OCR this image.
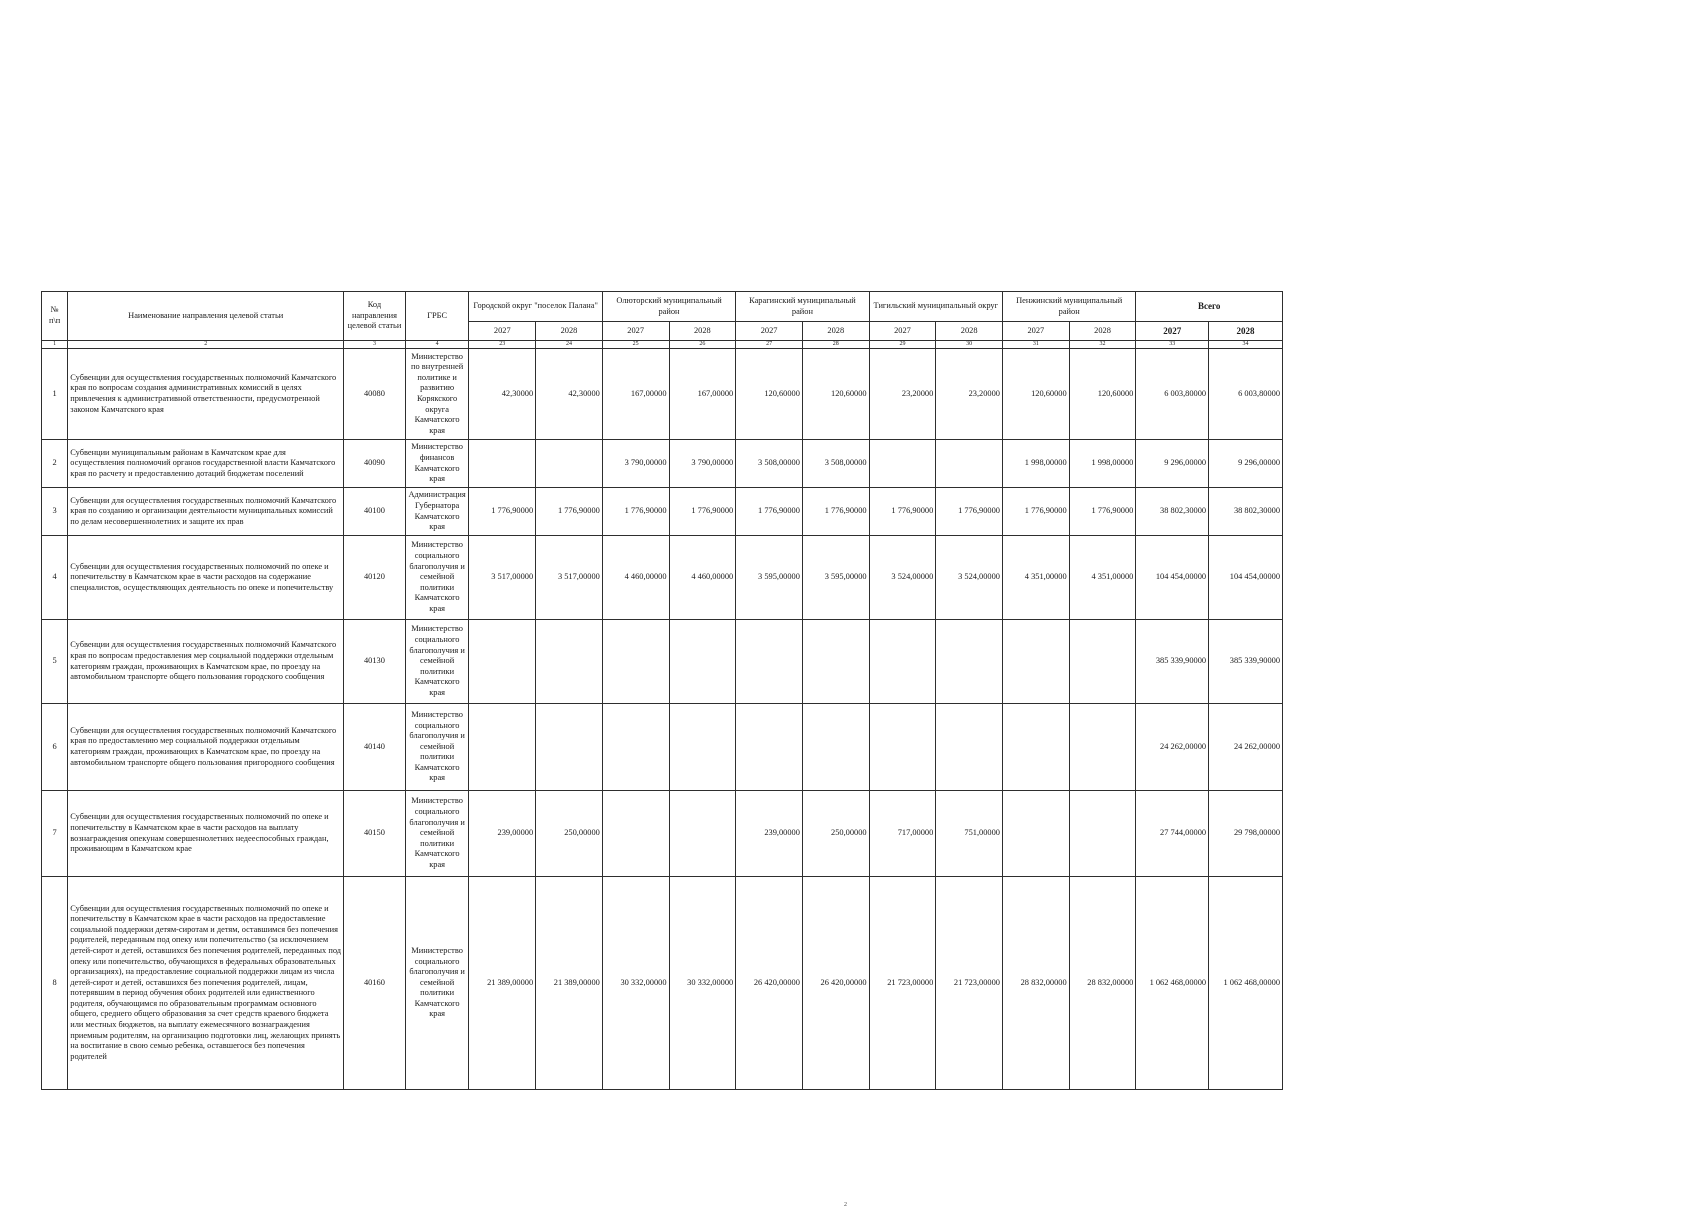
№ п\п	Наименование направления целевой статьи	Код направления целевой статьи	ГРБС	Городской округ "поселок Палана"		Олюторский муниципальный район		Карагинский муниципальный район		Тигильский муниципальный округ		Пенжинский муниципальный район		Всего	
				2027	2028	2027	2028	2027	2028	2027	2028	2027	2028	2027	2028
1	2	3	4	23	24	25	26	27	28	29	30	31	32	33	34
1	Субвенции для осуществления государственных полномочий Камчатского края по вопросам создания административных комиссий в целях привлечения к административной ответственности, предусмотренной законом Камчатского края	40080	Министерство по внутренней политике и развитию Корякского округа Камчатского края	42,30000	42,30000	167,00000	167,00000	120,60000	120,60000	23,20000	23,20000	120,60000	120,60000	6 003,80000	6 003,80000
2	Субвенции муниципальным районам в Камчатском крае для осуществления полномочий органов государственной власти Камчатского края по расчету и предоставлению дотаций бюджетам поселений	40090	Министерство финансов Камчатского края			3 790,00000	3 790,00000	3 508,00000	3 508,00000			1 998,00000	1 998,00000	9 296,00000	9 296,00000
3	Субвенции для осуществления государственных полномочий Камчатского края по созданию и организации деятельности муниципальных комиссий по делам несовершеннолетних и защите их прав	40100	Администрация Губернатора Камчатского края	1 776,90000	1 776,90000	1 776,90000	1 776,90000	1 776,90000	1 776,90000	1 776,90000	1 776,90000	1 776,90000	1 776,90000	38 802,30000	38 802,30000
4	Субвенции для осуществления государственных полномочий по опеке и попечительству в Камчатском крае в части расходов на содержание специалистов, осуществляющих деятельность по опеке и попечительству	40120	Министерство социального благополучия и семейной политики Камчатского края	3 517,00000	3 517,00000	4 460,00000	4 460,00000	3 595,00000	3 595,00000	3 524,00000	3 524,00000	4 351,00000	4 351,00000	104 454,00000	104 454,00000
5	Субвенции для осуществления государственных полномочий Камчатского края по вопросам предоставления мер социальной поддержки отдельным категориям граждан, проживающих в Камчатском крае, по проезду на автомобильном транспорте общего пользования городского сообщения	40130	Министерство социального благополучия и семейной политики Камчатского края											385 339,90000	385 339,90000
6	Субвенции для осуществления государственных полномочий Камчатского края по предоставлению мер социальной поддержки отдельным категориям граждан, проживающих в Камчатском крае, по проезду на автомобильном транспорте общего пользования пригородного сообщения	40140	Министерство социального благополучия и семейной политики Камчатского края											24 262,00000	24 262,00000
7	Субвенции для осуществления государственных полномочий по опеке и попечительству в Камчатском крае в части расходов на выплату вознаграждения опекунам совершеннолетних недееспособных граждан, проживающим в Камчатском крае	40150	Министерство социального благополучия и семейной политики Камчатского края	239,00000	250,00000			239,00000	250,00000	717,00000	751,00000			27 744,00000	29 798,00000
8	Субвенции для осуществления государственных полномочий по опеке и попечительству в Камчатском крае в части расходов на предоставление социальной поддержки детям-сиротам и детям, оставшимся без попечения родителей, переданным под опеку или попечительство (за исключением детей-сирот и детей, оставшихся без попечения родителей, переданных под опеку или попечительство, обучающихся в федеральных образовательных организациях), на предоставление социальной поддержки лицам из числа детей-сирот и детей, оставшихся без попечения родителей, лицам, потерявшим в период обучения обоих родителей или единственного родителя, обучающимся по образовательным программам основного общего, среднего общего образования за счет средств краевого бюджета или местных бюджетов, на выплату ежемесячного вознаграждения приемным родителям, на организацию подготовки лиц, желающих принять на воспитание в свою семью ребенка, оставшегося без попечения родителей	40160	Министерство социального благополучия и семейной политики Камчатского края	21 389,00000	21 389,00000	30 332,00000	30 332,00000	26 420,00000	26 420,00000	21 723,00000	21 723,00000	28 832,00000	28 832,00000	1 062 468,00000	1 062 468,00000
2
